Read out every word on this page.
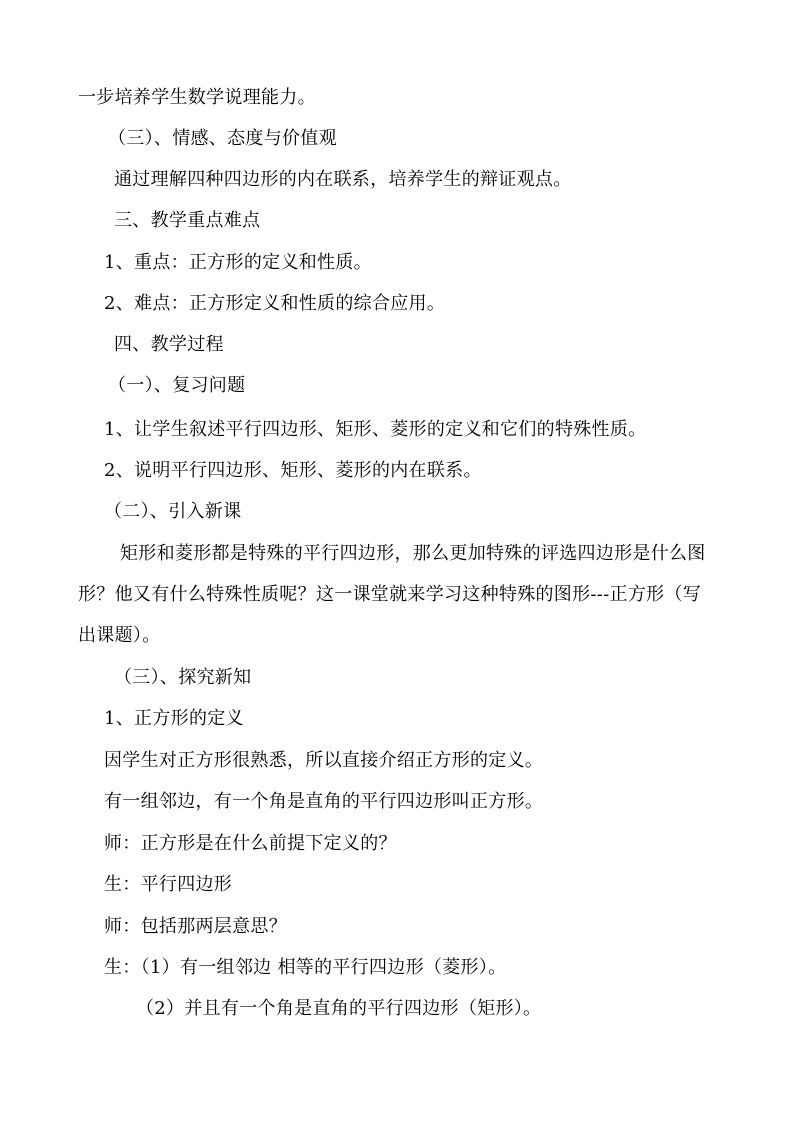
一步培养学生数学说理能力。
（三）、情感、态度与价值观
通过理解四种四边形的内在联系，培养学生的辩证观点。
三、教学重点难点
1、重点：正方形的定义和性质。
2、难点：正方形定义和性质的综合应用。
四、教学过程
（一）、复习问题
1、让学生叙述平行四边形、矩形、菱形的定义和它们的特殊性质。
2、说明平行四边形、矩形、菱形的内在联系。
（二）、引入新课
矩形和菱形都是特殊的平行四边形，那么更加特殊的评选四边形是什么图
形？他又有什么特殊性质呢？这一课堂就来学习这种特殊的图形---正方形（写
出课题）。
（三）、探究新知
1、正方形的定义
因学生对正方形很熟悉，所以直接介绍正方形的定义。
有一组邻边，有一个角是直角的平行四边形叫正方形。
师：正方形是在什么前提下定义的？
生：平行四边形
师：包括那两层意思？
生：（1）有一组邻边 相等的平行四边形（菱形）。
（2）并且有一个角是直角的平行四边形（矩形）。
